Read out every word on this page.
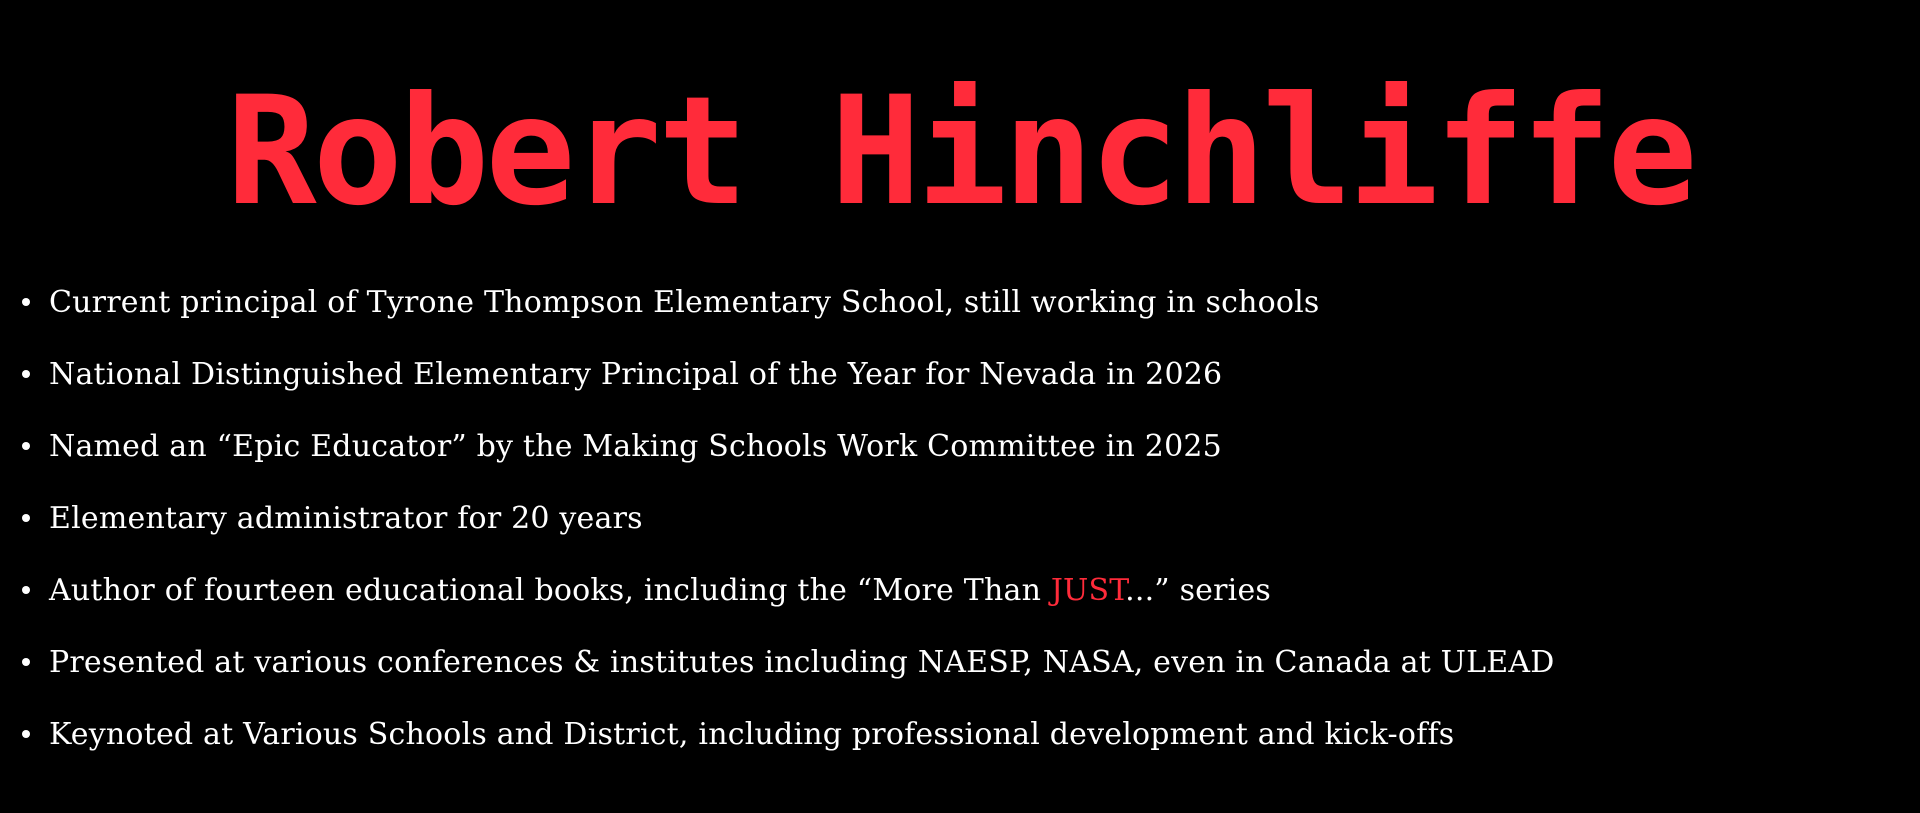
Robert Hinchliffe
Current principal of Tyrone Thompson Elementary School, still working in schools
National Distinguished Elementary Principal of the Year for Nevada in 2026
Named an “Epic Educator” by the Making Schools Work Committee in 2025
Elementary administrator for 20 years
Author of fourteen educational books, including the “More Than JUST...” series
Presented at various conferences & institutes including NAESP, NASA, even in Canada at ULEAD
Keynoted at Various Schools and District, including professional development and kick-offs
